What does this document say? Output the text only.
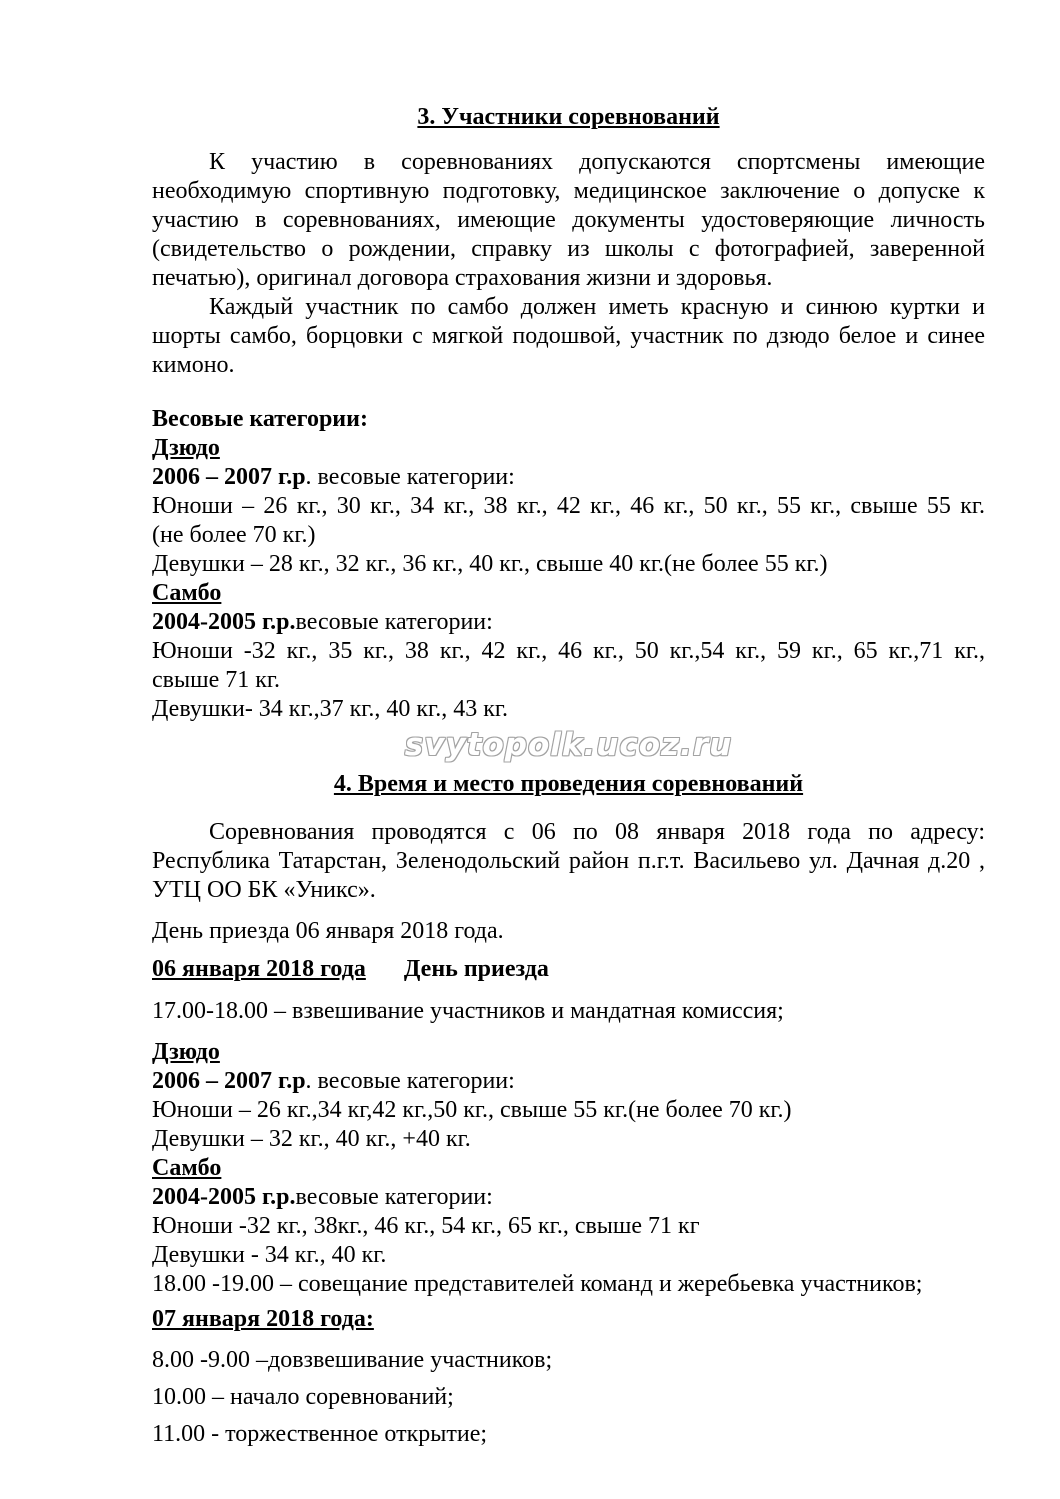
3. Участники соревнований

К участию в соревнованиях допускаются спортсмены имеющие необходимую спортивную подготовку, медицинское заключение о допуске к участию в соревнованиях, имеющие документы удостоверяющие личность (свидетельство о рождении, справку из школы с фотографией, заверенной печатью), оригинал договора страхования жизни и здоровья.

Каждый участник по самбо должен иметь красную и синюю куртки и шорты самбо, борцовки с мягкой подошвой, участник по дзюдо белое и синее кимоно.

Весовые категории:

Дзюдо

2006 – 2007 г.р. весовые категории:

Юноши – 26 кг., 30 кг., 34 кг., 38 кг., 42 кг., 46 кг., 50 кг., 55 кг., свыше 55 кг.

(не более 70 кг.)

Девушки – 28 кг., 32 кг., 36 кг., 40 кг., свыше 40 кг.(не более 55 кг.)

Самбо

2004-2005 г.р.весовые категории:

Юноши -32 кг., 35 кг., 38 кг., 42 кг., 46 кг., 50 кг.,54 кг., 59 кг., 65 кг.,71 кг.,

свыше 71 кг.

Девушки- 34 кг.,37 кг., 40 кг., 43 кг.

svytopolk.ucoz.ru
4. Время и место проведения соревнований

Соревнования проводятся с 06 по 08 января 2018 года по адресу: Республика Татарстан, Зеленодольский район п.г.т. Васильево ул. Дачная д.20 , УТЦ ОО БК «Уникс».

День приезда 06 января 2018 года.

06 января 2018 года День приезда

17.00-18.00 – взвешивание участников и мандатная комиссия;

Дзюдо

2006 – 2007 г.р. весовые категории:

Юноши – 26 кг.,34 кг,42 кг.,50 кг., свыше 55 кг.(не более 70 кг.)

Девушки – 32 кг., 40 кг., +40 кг.

Самбо

2004-2005 г.р.весовые категории:

Юноши -32 кг., 38кг., 46 кг., 54 кг., 65 кг., свыше 71 кг

Девушки - 34 кг., 40 кг.

18.00 -19.00 – совещание представителей команд и жеребьевка участников;

07 января 2018 года:

8.00 -9.00 –довзвешивание участников;

10.00 – начало соревнований;

11.00 - торжественное открытие;
